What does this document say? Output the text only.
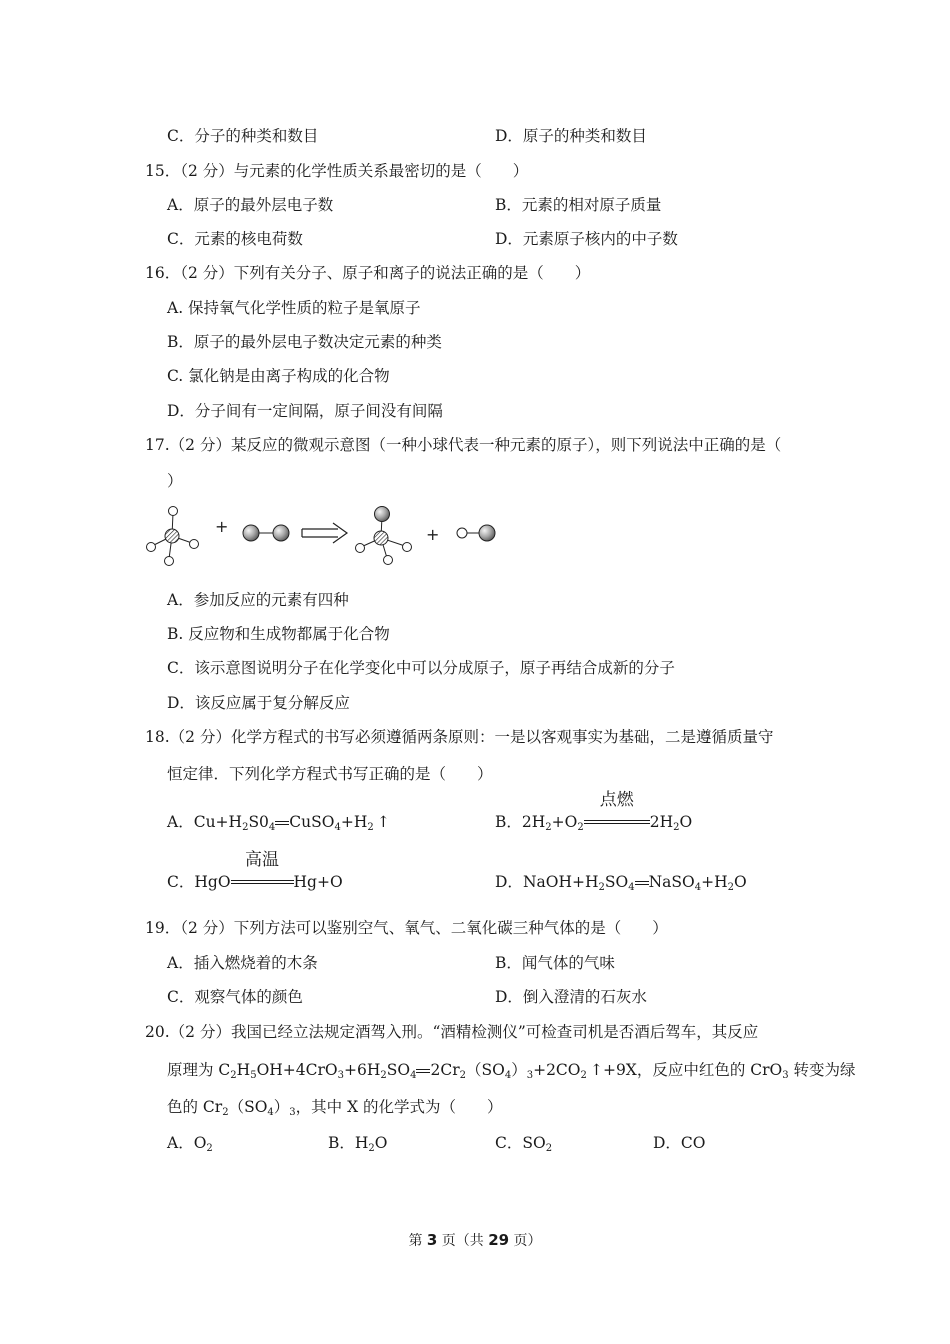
C．分子的种类和数目	D．原子的种类和数目
15．（2 分）与元素的化学性质关系最密切的是（　　）
A．原子的最外层电子数	B．元素的相对原子质量
C．元素的核电荷数	D．元素原子核内的中子数
16．（2 分）下列有关分子、原子和离子的说法正确的是（　　）
A. 保持氧气化学性质的粒子是氧原子
B．原子的最外层电子数决定元素的种类
C. 氯化钠是由离子构成的化合物
D．分子间有一定间隔，原子间没有间隔
17.（2 分）某反应的微观示意图（一种小球代表一种元素的原子），则下列说法中正确的是（
）
+	+
A．参加反应的元素有四种
B. 反应物和生成物都属于化合物
C．该示意图说明分子在化学变化中可以分成原子，原子再结合成新的分子
D．该反应属于复分解反应
18.（2 分）化学方程式的书写必须遵循两条原则：一是以客观事实为基础，二是遵循质量守
恒定律．下列化学方程式书写正确的是（　　）
A．$Cu+H_2S0_4$ $CuSO_4+H_2$ ↑	B．$2H_2+O_2$
点燃
$2H_2O$
C．HgO
高温
Hg+O	D．$NaOH+H_2SO_4$ $NaSO_4+H_2O$
19．（2 分）下列方法可以鉴别空气、氧气、二氧化碳三种气体的是（　　）
A．插入燃烧着的木条	B．闻气体的气味
C．观察气体的颜色	D．倒入澄清的石灰水
20.（2 分）我国已经立法规定酒驾入刑。“酒精检测仪”可检查司机是否酒后驾车，其反应
原理为 $C_2H_5OH+4CrO_3+6H_2SO_4$ $2Cr_2(SO_4)_3+2CO_2$ ↑+9X，反应中红色的 CrO$_3$ 转变为绿
色的 $Cr_2(SO_4)_3$，其中 X 的化学式为（　　）
A．$O_2$	B．$H_2O$	C．$SO_2$	D．CO
第 3 页（共 29 页）
